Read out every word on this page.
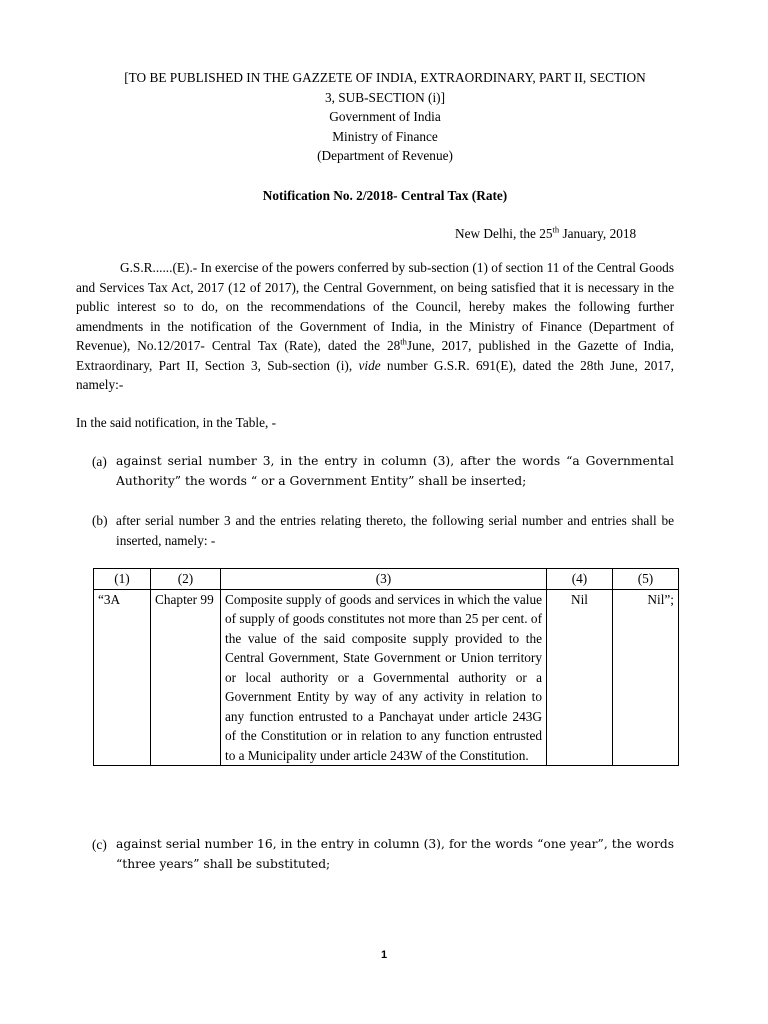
[TO BE PUBLISHED IN THE GAZZETE OF INDIA, EXTRAORDINARY, PART II, SECTION
3, SUB-SECTION (i)]
Government of India
Ministry of Finance
(Department of Revenue)
Notification No. 2/2018- Central Tax (Rate)
New Delhi, the 25th January, 2018
G.S.R......(E).- In exercise of the powers conferred by sub-section (1) of section 11 of the Central Goods and Services Tax Act, 2017 (12 of 2017), the Central Government, on being satisfied that it is necessary in the public interest so to do, on the recommendations of the Council, hereby makes the following further amendments in the notification of the Government of India, in the Ministry of Finance (Department of Revenue), No.12/2017- Central Tax (Rate), dated the 28thJune, 2017, published in the Gazette of India, Extraordinary, Part II, Section 3, Sub-section (i), vide number G.S.R. 691(E), dated the 28th June, 2017, namely:-
In the said notification, in the Table, -
(a) against serial number 3, in the entry in column (3), after the words “a Governmental Authority” the words “ or a Government Entity” shall be inserted;
(b) after serial number 3 and the entries relating thereto, the following serial number and entries shall be inserted, namely: -
(1)	(2)	(3)	(4)	(5)
“3A	Chapter 99	Composite supply of goods and services in which the value of supply of goods constitutes not more than 25 per cent. of the value of the said composite supply provided to the Central Government, State Government or Union territory or local authority or a Governmental authority or a Government Entity by way of any activity in relation to any function entrusted to a Panchayat under article 243G of the Constitution or in relation to any function entrusted to a Municipality under article 243W of the Constitution.	Nil	Nil”;
(c) against serial number 16, in the entry in column (3), for the words “one year”, the words “three years” shall be substituted;
1
